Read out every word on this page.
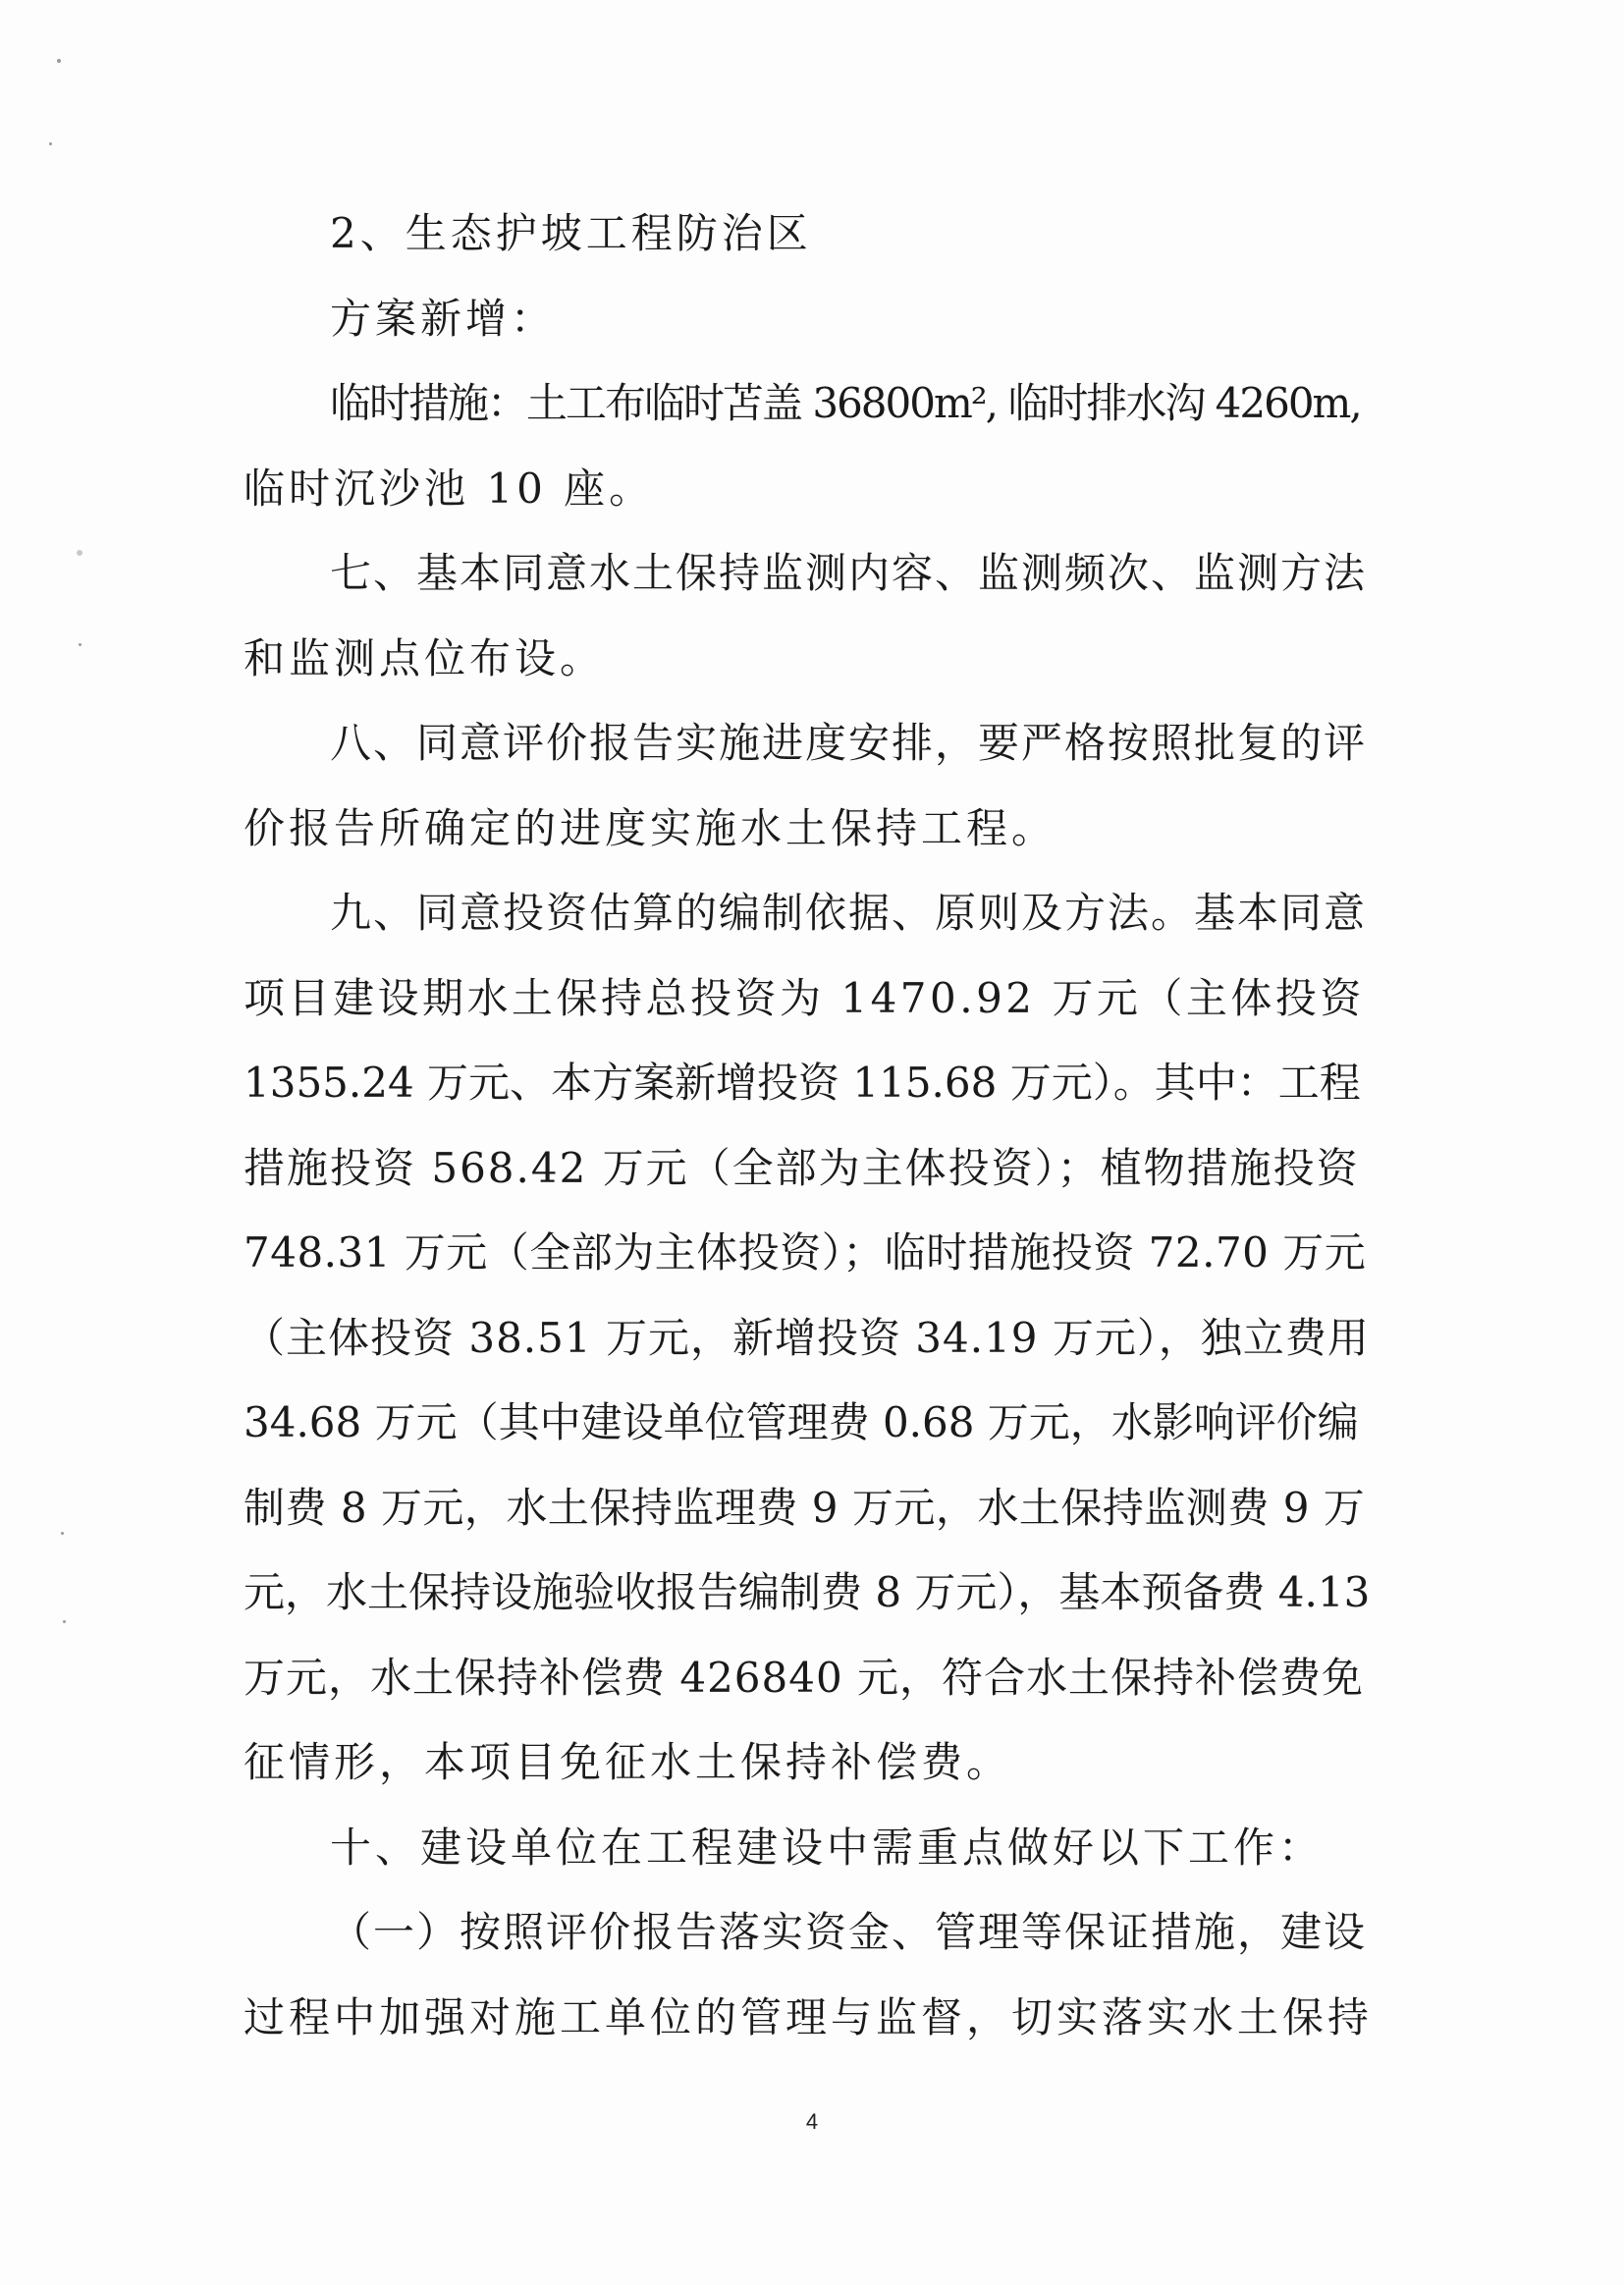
2、生态护坡工程防治区
方案新增：
临时措施：土工布临时苫盖 36800m², 临时排水沟 4260m,
临时沉沙池 10 座。
七、基本同意水土保持监测内容、监测频次、监测方法
和监测点位布设。
八、同意评价报告实施进度安排，要严格按照批复的评
价报告所确定的进度实施水土保持工程。
九、同意投资估算的编制依据、原则及方法。基本同意
项目建设期水土保持总投资为 1470.92 万元（主体投资
1355.24 万元、本方案新增投资 115.68 万元）。其中：工程
措施投资 568.42 万元（全部为主体投资）；植物措施投资
748.31 万元（全部为主体投资）；临时措施投资 72.70 万元
（主体投资 38.51 万元，新增投资 34.19 万元），独立费用
34.68 万元（其中建设单位管理费 0.68 万元，水影响评价编
制费 8 万元，水土保持监理费 9 万元，水土保持监测费 9 万
元，水土保持设施验收报告编制费 8 万元），基本预备费 4.13
万元，水土保持补偿费 426840 元，符合水土保持补偿费免
征情形，本项目免征水土保持补偿费。
十、建设单位在工程建设中需重点做好以下工作：
（一）按照评价报告落实资金、管理等保证措施，建设
过程中加强对施工单位的管理与监督，切实落实水土保持
4
